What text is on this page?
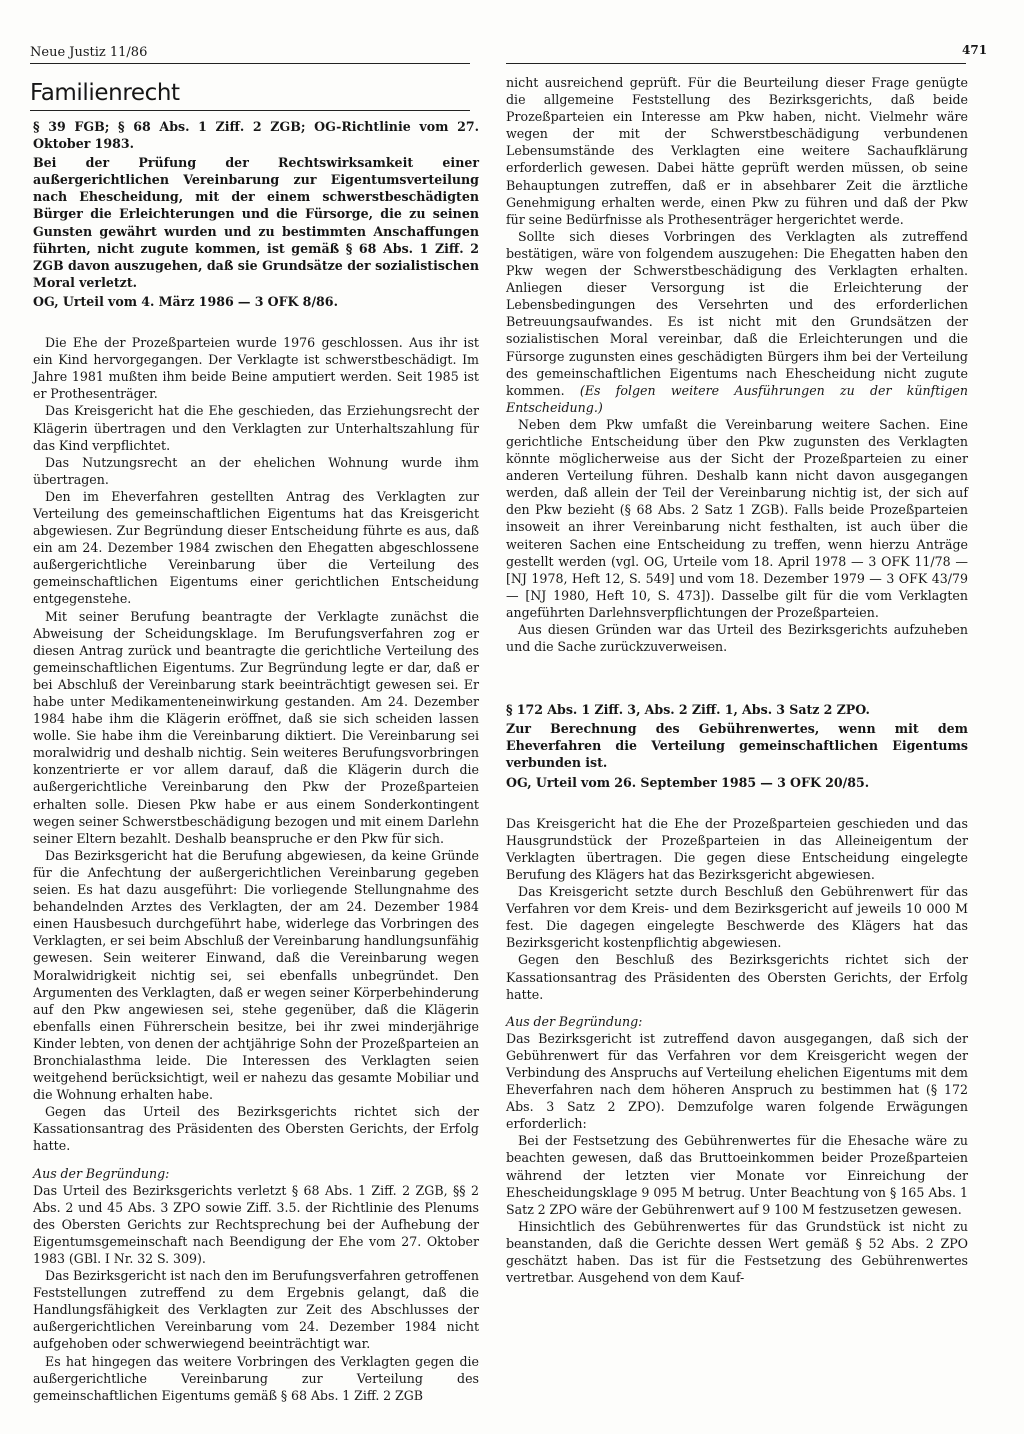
Neue Justiz 11/86	471
Familienrecht

§ 39 FGB; § 68 Abs. 1 Ziff. 2 ZGB; OG-Richtlinie vom 27. Oktober 1983.

Bei der Prüfung der Rechtswirksamkeit einer außergerichtlichen Vereinbarung zur Eigentumsverteilung nach Ehescheidung, mit der einem schwerstbeschädigten Bürger die Erleichterungen und die Fürsorge, die zu seinen Gunsten gewährt wurden und zu bestimmten Anschaffungen führten, nicht zugute kommen, ist gemäß § 68 Abs. 1 Ziff. 2 ZGB davon auszugehen, daß sie Grundsätze der sozialistischen Moral verletzt.

OG, Urteil vom 4. März 1986 — 3 OFK 8/86.

Die Ehe der Prozeßparteien wurde 1976 geschlossen. Aus ihr ist ein Kind hervorgegangen. Der Verklagte ist schwerstbeschädigt. Im Jahre 1981 mußten ihm beide Beine amputiert werden. Seit 1985 ist er Prothesenträger.

Das Kreisgericht hat die Ehe geschieden, das Erziehungsrecht der Klägerin übertragen und den Verklagten zur Unterhaltszahlung für das Kind verpflichtet.

Das Nutzungsrecht an der ehelichen Wohnung wurde ihm übertragen.

Den im Eheverfahren gestellten Antrag des Verklagten zur Verteilung des gemeinschaftlichen Eigentums hat das Kreisgericht abgewiesen. Zur Begründung dieser Entscheidung führte es aus, daß ein am 24. Dezember 1984 zwischen den Ehegatten abgeschlossene außergerichtliche Vereinbarung über die Verteilung des gemeinschaftlichen Eigentums einer gerichtlichen Entscheidung entgegenstehe.

Mit seiner Berufung beantragte der Verklagte zunächst die Abweisung der Scheidungsklage. Im Berufungsverfahren zog er diesen Antrag zurück und beantragte die gerichtliche Verteilung des gemeinschaftlichen Eigentums. Zur Begründung legte er dar, daß er bei Abschluß der Vereinbarung stark beeinträchtigt gewesen sei. Er habe unter Medikamenteneinwirkung gestanden. Am 24. Dezember 1984 habe ihm die Klägerin eröffnet, daß sie sich scheiden lassen wolle. Sie habe ihm die Vereinbarung diktiert. Die Vereinbarung sei moralwidrig und deshalb nichtig. Sein weiteres Berufungsvorbringen konzentrierte er vor allem darauf, daß die Klägerin durch die außergerichtliche Vereinbarung den Pkw der Prozeßparteien erhalten solle. Diesen Pkw habe er aus einem Sonderkontingent wegen seiner Schwerstbeschädigung bezogen und mit einem Darlehn seiner Eltern bezahlt. Deshalb beanspruche er den Pkw für sich.

Das Bezirksgericht hat die Berufung abgewiesen, da keine Gründe für die Anfechtung der außergerichtlichen Vereinbarung gegeben seien. Es hat dazu ausgeführt: Die vorliegende Stellungnahme des behandelnden Arztes des Verklagten, der am 24. Dezember 1984 einen Hausbesuch durchgeführt habe, widerlege das Vorbringen des Verklagten, er sei beim Abschluß der Vereinbarung handlungsunfähig gewesen. Sein weiterer Einwand, daß die Vereinbarung wegen Moralwidrigkeit nichtig sei, sei ebenfalls unbegründet. Den Argumenten des Verklagten, daß er wegen seiner Körperbehinderung auf den Pkw angewiesen sei, stehe gegenüber, daß die Klägerin ebenfalls einen Führerschein besitze, bei ihr zwei minderjährige Kinder lebten, von denen der achtjährige Sohn der Prozeßparteien an Bronchialasthma leide. Die Interessen des Verklagten seien weitgehend berücksichtigt, weil er nahezu das gesamte Mobiliar und die Wohnung erhalten habe.

Gegen das Urteil des Bezirksgerichts richtet sich der Kassationsantrag des Präsidenten des Obersten Gerichts, der Erfolg hatte.

Aus der Begründung:

Das Urteil des Bezirksgerichts verletzt § 68 Abs. 1 Ziff. 2 ZGB, §§ 2 Abs. 2 und 45 Abs. 3 ZPO sowie Ziff. 3.5. der Richtlinie des Plenums des Obersten Gerichts zur Rechtsprechung bei der Aufhebung der Eigentumsgemeinschaft nach Beendigung der Ehe vom 27. Oktober 1983 (GBl. I Nr. 32 S. 309).

Das Bezirksgericht ist nach den im Berufungsverfahren getroffenen Feststellungen zutreffend zu dem Ergebnis gelangt, daß die Handlungsfähigkeit des Verklagten zur Zeit des Abschlusses der außergerichtlichen Vereinbarung vom 24. Dezember 1984 nicht aufgehoben oder schwerwiegend beeinträchtigt war.

Es hat hingegen das weitere Vorbringen des Verklagten gegen die außergerichtliche Vereinbarung zur Verteilung des gemeinschaftlichen Eigentums gemäß § 68 Abs. 1 Ziff. 2 ZGB

nicht ausreichend geprüft. Für die Beurteilung dieser Frage genügte die allgemeine Feststellung des Bezirksgerichts, daß beide Prozeßparteien ein Interesse am Pkw haben, nicht. Vielmehr wäre wegen der mit der Schwerstbeschädigung verbundenen Lebensumstände des Verklagten eine weitere Sachaufklärung erforderlich gewesen. Dabei hätte geprüft werden müssen, ob seine Behauptungen zutreffen, daß er in absehbarer Zeit die ärztliche Genehmigung erhalten werde, einen Pkw zu führen und daß der Pkw für seine Bedürfnisse als Prothesenträger hergerichtet werde.

Sollte sich dieses Vorbringen des Verklagten als zutreffend bestätigen, wäre von folgendem auszugehen: Die Ehegatten haben den Pkw wegen der Schwerstbeschädigung des Verklagten erhalten. Anliegen dieser Versorgung ist die Erleichterung der Lebensbedingungen des Versehrten und des erforderlichen Betreuungsaufwandes. Es ist nicht mit den Grundsätzen der sozialistischen Moral vereinbar, daß die Erleichterungen und die Fürsorge zugunsten eines geschädigten Bürgers ihm bei der Verteilung des gemeinschaftlichen Eigentums nach Ehescheidung nicht zugute kommen. (Es folgen weitere Ausführungen zu der künftigen Entscheidung.)

Neben dem Pkw umfaßt die Vereinbarung weitere Sachen. Eine gerichtliche Entscheidung über den Pkw zugunsten des Verklagten könnte möglicherweise aus der Sicht der Prozeßparteien zu einer anderen Verteilung führen. Deshalb kann nicht davon ausgegangen werden, daß allein der Teil der Vereinbarung nichtig ist, der sich auf den Pkw bezieht (§ 68 Abs. 2 Satz 1 ZGB). Falls beide Prozeßparteien insoweit an ihrer Vereinbarung nicht festhalten, ist auch über die weiteren Sachen eine Entscheidung zu treffen, wenn hierzu Anträge gestellt werden (vgl. OG, Urteile vom 18. April 1978 — 3 OFK 11/78 — [NJ 1978, Heft 12, S. 549] und vom 18. Dezember 1979 — 3 OFK 43/79 — [NJ 1980, Heft 10, S. 473]). Dasselbe gilt für die vom Verklagten angeführten Darlehnsverpflichtungen der Prozeßparteien.

Aus diesen Gründen war das Urteil des Bezirksgerichts aufzuheben und die Sache zurückzuverweisen.

§ 172 Abs. 1 Ziff. 3, Abs. 2 Ziff. 1, Abs. 3 Satz 2 ZPO.

Zur Berechnung des Gebührenwertes, wenn mit dem Eheverfahren die Verteilung gemeinschaftlichen Eigentums verbunden ist.

OG, Urteil vom 26. September 1985 — 3 OFK 20/85.

Das Kreisgericht hat die Ehe der Prozeßparteien geschieden und das Hausgrundstück der Prozeßparteien in das Alleineigentum der Verklagten übertragen. Die gegen diese Entscheidung eingelegte Berufung des Klägers hat das Bezirksgericht abgewiesen.

Das Kreisgericht setzte durch Beschluß den Gebührenwert für das Verfahren vor dem Kreis- und dem Bezirksgericht auf jeweils 10 000 M fest. Die dagegen eingelegte Beschwerde des Klägers hat das Bezirksgericht kostenpflichtig abgewiesen.

Gegen den Beschluß des Bezirksgerichts richtet sich der Kassationsantrag des Präsidenten des Obersten Gerichts, der Erfolg hatte.

Aus der Begründung:

Das Bezirksgericht ist zutreffend davon ausgegangen, daß sich der Gebührenwert für das Verfahren vor dem Kreisgericht wegen der Verbindung des Anspruchs auf Verteilung ehelichen Eigentums mit dem Eheverfahren nach dem höheren Anspruch zu bestimmen hat (§ 172 Abs. 3 Satz 2 ZPO). Demzufolge waren folgende Erwägungen erforderlich:

Bei der Festsetzung des Gebührenwertes für die Ehesache wäre zu beachten gewesen, daß das Bruttoeinkommen beider Prozeßparteien während der letzten vier Monate vor Einreichung der Ehescheidungsklage 9 095 M betrug. Unter Beachtung von § 165 Abs. 1 Satz 2 ZPO wäre der Gebührenwert auf 9 100 M festzusetzen gewesen.

Hinsichtlich des Gebührenwertes für das Grundstück ist nicht zu beanstanden, daß die Gerichte dessen Wert gemäß § 52 Abs. 2 ZPO geschätzt haben. Das ist für die Festsetzung des Gebührenwertes vertretbar. Ausgehend von dem Kauf-
